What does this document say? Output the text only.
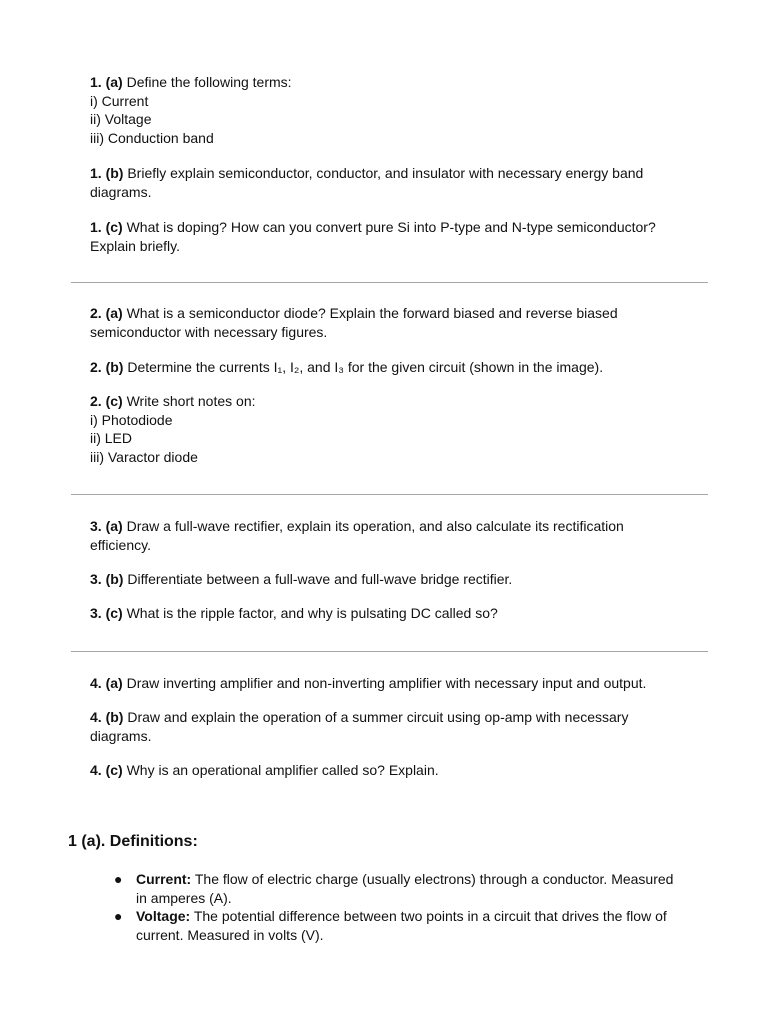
1. (a) Define the following terms:
i) Current
ii) Voltage
iii) Conduction band
1. (b) Briefly explain semiconductor, conductor, and insulator with necessary energy band diagrams.
1. (c) What is doping? How can you convert pure Si into P-type and N-type semiconductor? Explain briefly.
2. (a) What is a semiconductor diode? Explain the forward biased and reverse biased semiconductor with necessary figures.
2. (b) Determine the currents I₁, I₂, and I₃ for the given circuit (shown in the image).
2. (c) Write short notes on:
i) Photodiode
ii) LED
iii) Varactor diode
3. (a) Draw a full-wave rectifier, explain its operation, and also calculate its rectification efficiency.
3. (b) Differentiate between a full-wave and full-wave bridge rectifier.
3. (c) What is the ripple factor, and why is pulsating DC called so?
4. (a) Draw inverting amplifier and non-inverting amplifier with necessary input and output.
4. (b) Draw and explain the operation of a summer circuit using op-amp with necessary diagrams.
4. (c) Why is an operational amplifier called so? Explain.
1 (a). Definitions:
● Current: The flow of electric charge (usually electrons) through a conductor. Measured in amperes (A).
● Voltage: The potential difference between two points in a circuit that drives the flow of current. Measured in volts (V).
